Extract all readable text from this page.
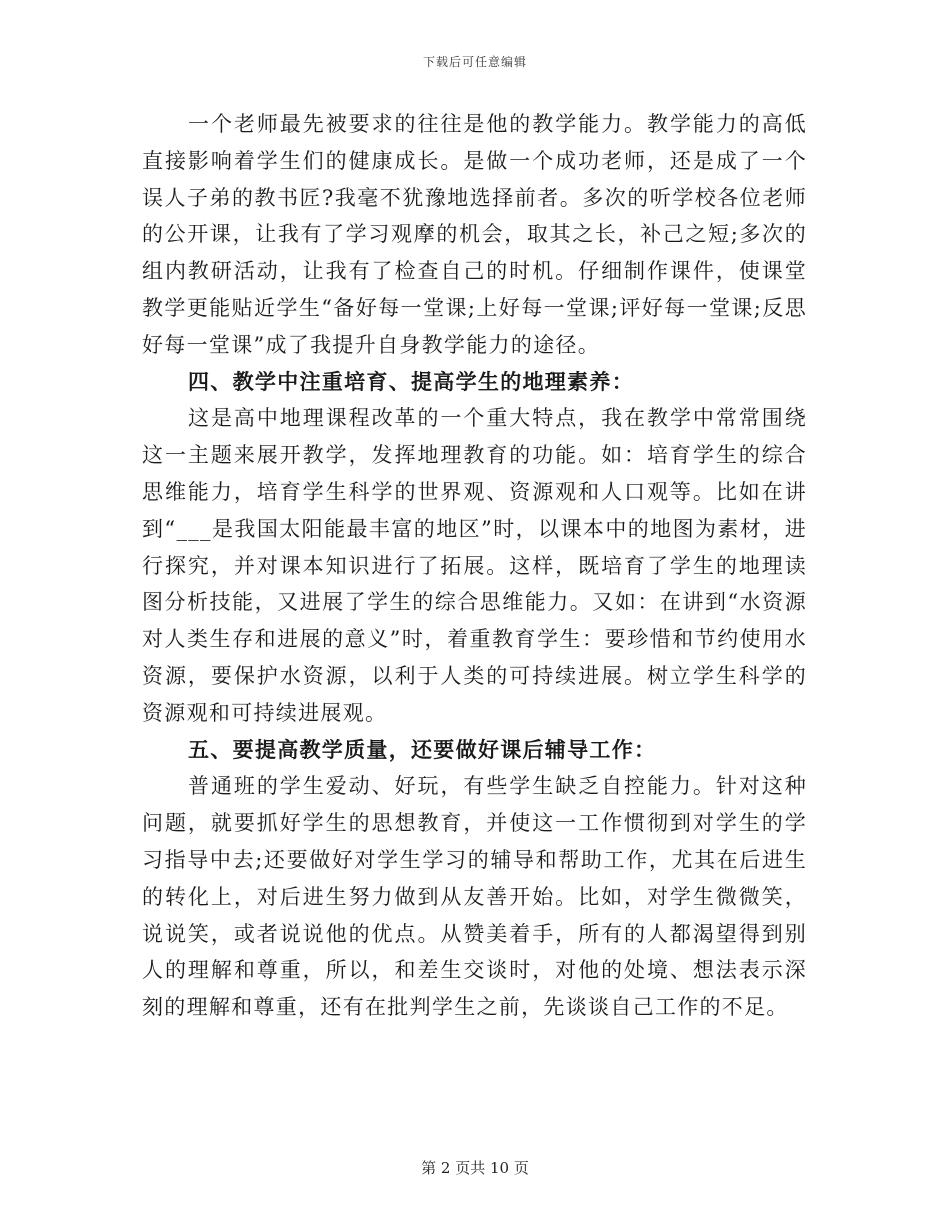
下载后可任意编辑

一个老师最先被要求的往往是他的教学能力。教学能力的高低直接影响着学生们的健康成长。是做一个成功老师，还是成了一个误人子弟的教书匠?我毫不犹豫地选择前者。多次的听学校各位老师的公开课，让我有了学习观摩的机会，取其之长，补己之短;多次的组内教研活动，让我有了检查自己的时机。仔细制作课件，使课堂教学更能贴近学生“备好每一堂课;上好每一堂课;评好每一堂课;反思好每一堂课”成了我提升自身教学能力的途径。

四、教学中注重培育、提高学生的地理素养：

这是高中地理课程改革的一个重大特点，我在教学中常常围绕这一主题来展开教学，发挥地理教育的功能。如：培育学生的综合思维能力，培育学生科学的世界观、资源观和人口观等。比如在讲到“___是我国太阳能最丰富的地区”时，以课本中的地图为素材，进行探究，并对课本知识进行了拓展。这样，既培育了学生的地理读图分析技能，又进展了学生的综合思维能力。又如：在讲到“水资源对人类生存和进展的意义”时，着重教育学生：要珍惜和节约使用水资源，要保护水资源，以利于人类的可持续进展。树立学生科学的资源观和可持续进展观。

五、要提高教学质量，还要做好课后辅导工作：

普通班的学生爱动、好玩，有些学生缺乏自控能力。针对这种问题，就要抓好学生的思想教育，并使这一工作惯彻到对学生的学习指导中去;还要做好对学生学习的辅导和帮助工作，尤其在后进生的转化上，对后进生努力做到从友善开始。比如，对学生微微笑，说说笑，或者说说他的优点。从赞美着手，所有的人都渴望得到别人的理解和尊重，所以，和差生交谈时，对他的处境、想法表示深刻的理解和尊重，还有在批判学生之前，先谈谈自己工作的不足。

第 2 页共 10 页
